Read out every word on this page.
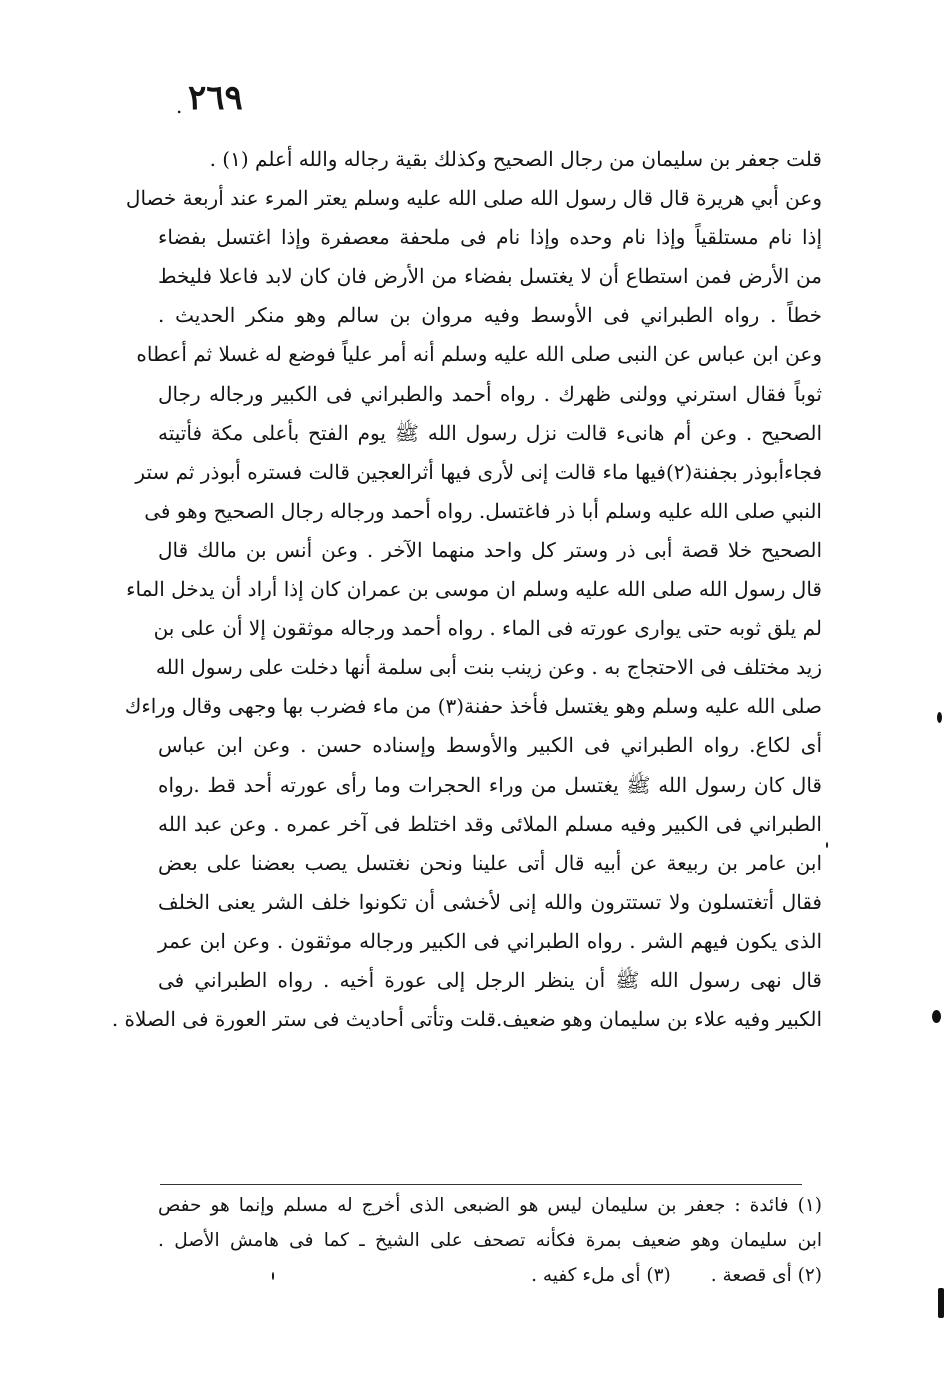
٢٦٩
.
قلت جعفر بن سليمان من رجال الصحيح وكذلك بقية رجاله والله أعلم (١) .
وعن أبي هريرة قال قال رسول الله صلى الله عليه وسلم يعتر المرء عند أربعة خصال
إذا نام مستلقياً وإذا نام وحده وإذا نام فى ملحفة معصفرة وإذا اغتسل بفضاء
من الأرض فمن استطاع أن لا يغتسل بفضاء من الأرض فان كان لابد فاعلا فليخط
خطاً . رواه الطبراني فى الأوسط وفيه مروان بن سالم وهو منكر الحديث .
وعن ابن عباس عن النبى صلى الله عليه وسلم أنه أمر علياً فوضع له غسلا ثم أعطاه
ثوباً فقال استرني وولنى ظهرك . رواه أحمد والطبراني فى الكبير ورجاله رجال
الصحيح . وعن أم هانىء قالت نزل رسول الله ﷺ يوم الفتح بأعلى مكة فأتيته
فجاءأبوذر بجفنة(٢)فيها ماء قالت إنى لأرى فيها أثرالعجين قالت فستره أبوذر ثم ستر
النبي صلى الله عليه وسلم أبا ذر فاغتسل. رواه أحمد ورجاله رجال الصحيح وهو فى
الصحيح خلا قصة أبى ذر وستر كل واحد منهما الآخر . وعن أنس بن مالك قال
قال رسول الله صلى الله عليه وسلم ان موسى بن عمران كان إذا أراد أن يدخل الماء
لم يلق ثوبه حتى يوارى عورته فى الماء . رواه أحمد ورجاله موثقون إلا أن على بن
زيد مختلف فى الاحتجاج به . وعن زينب بنت أبى سلمة أنها دخلت على رسول الله
صلى الله عليه وسلم وهو يغتسل فأخذ حفنة(٣) من ماء فضرب بها وجهى وقال وراءك
أى لكاع. رواه الطبراني فى الكبير والأوسط وإسناده حسن . وعن ابن عباس
قال كان رسول الله ﷺ يغتسل من وراء الحجرات وما رأى عورته أحد قط .رواه
الطبراني فى الكبير وفيه مسلم الملائى وقد اختلط فى آخر عمره . وعن عبد الله
ابن عامر بن ربيعة عن أبيه قال أتى علينا ونحن نغتسل يصب بعضنا على بعض
فقال أتغتسلون ولا تستترون والله إنى لأخشى أن تكونوا خلف الشر يعنى الخلف
الذى يكون فيهم الشر . رواه الطبراني فى الكبير ورجاله موثقون . وعن ابن عمر
قال نهى رسول الله ﷺ أن ينظر الرجل إلى عورة أخيه . رواه الطبراني فى
الكبير وفيه علاء بن سليمان وهو ضعيف.قلت وتأتى أحاديث فى ستر العورة فى الصلاة .
(١) فائدة : جعفر بن سليمان ليس هو الضبعى الذى أخرج له مسلم وإنما هو حفص
ابن سليمان وهو ضعيف بمرة فكأنه تصحف على الشيخ ـ كما فى هامش الأصل .
(٢) أى قصعة .(٣) أى ملء كفيه .
